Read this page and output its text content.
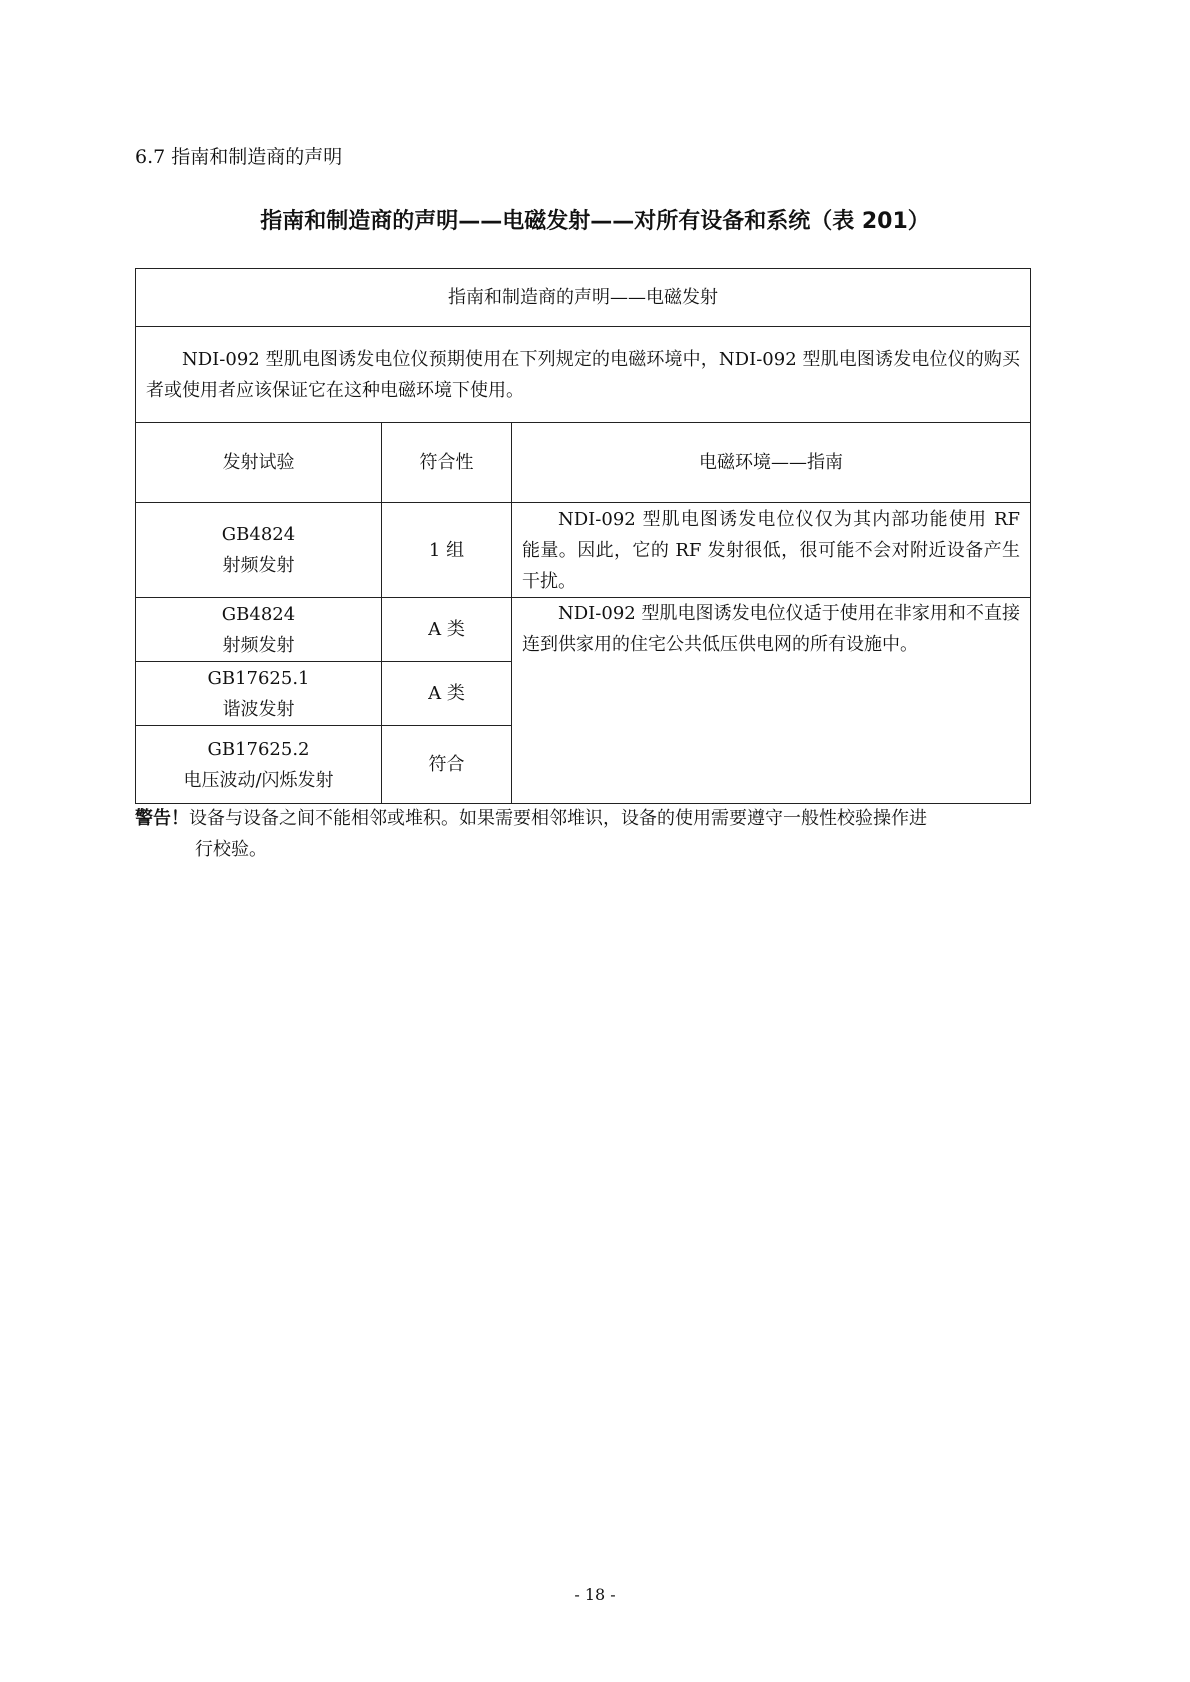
6.7 指南和制造商的声明
指南和制造商的声明——电磁发射——对所有设备和系统（表 201）
指南和制造商的声明——电磁发射		
NDI-092 型肌电图诱发电位仪预期使用在下列规定的电磁环境中，NDI-092 型肌电图诱发电位仪的购买者或使用者应该保证它在这种电磁环境下使用。		
发射试验	符合性	电磁环境——指南

GB4824
射频发射	1 组	NDI-092 型肌电图诱发电位仪仅为其内部功能使用 RF 能量。因此，它的 RF 发射很低，很可能不会对附近设备产生干扰。

GB4824
射频发射	A 类	NDI-092 型肌电图诱发电位仪适于使用在非家用和不直接连到供家用的住宅公共低压供电网的所有设施中。

GB17625.1
谐波发射	A 类	

GB17625.2
电压波动/闪烁发射	符合	
警告！设备与设备之间不能相邻或堆积。如果需要相邻堆识，设备的使用需要遵守一般性校验操作进
行校验。
- 18 -
